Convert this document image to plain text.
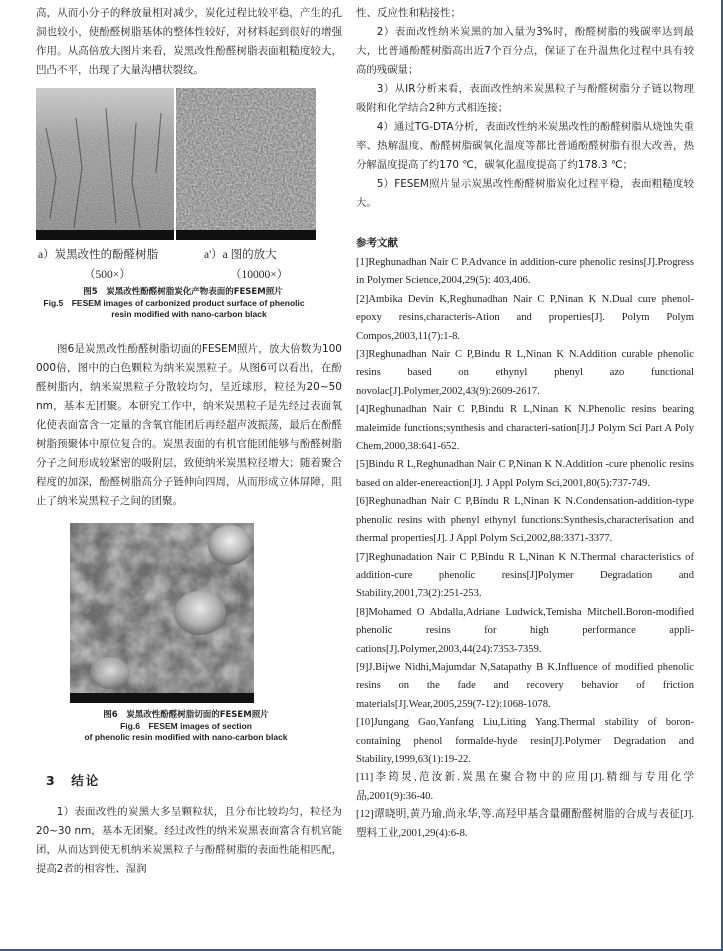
高，从而小分子的释放量相对减少，炭化过程比较平稳，产生的孔洞也较小，使酚醛树脂基体的整体性较好，对材料起到很好的增强作用。从高倍放大图片来看，炭黑改性酚醛树脂表面粗糙度较大，凹凸不平，出现了大量沟槽状裂纹。

a）炭黑改性的酚醛树脂	a'）a 图的放大
（500×）	（10000×）
图5　炭黑改性酚醛树脂炭化产物表面的FESEM照片
Fig.5　FESEM images of carbonized product surface of phenolic
resin modified with nano-carbon black

图6是炭黑改性酚醛树脂切面的FESEM照片，放大倍数为100 000倍，图中的白色颗粒为纳米炭黑粒子。从图6可以看出，在酚醛树脂内，纳米炭黑粒子分散较均匀，呈近球形，粒径为20~50 nm，基本无团聚。本研究工作中，纳米炭黑粒子是先经过表面氧化使表面富含一定量的含氧官能团后再经超声波振荡，最后在酚醛树脂预聚体中原位复合的。炭黑表面的有机官能团能够与酚醛树脂分子之间形成较紧密的吸附层，致使纳米炭黑粒径增大；随着聚合程度的加深，酚醛树脂高分子链伸向四周，从而形成立体屏障，阻止了纳米炭黑粒子之间的团聚。

图6　炭黑改性酚醛树脂切面的FESEM照片
Fig.6　FESEM images of section
of phenolic resin modified with nano-carbon black
3　结论

1）表面改性的炭黑大多呈颗粒状，且分布比较均匀，粒径为20~30 nm，基本无团聚。经过改性的纳米炭黑表面富含有机官能团，从而达到使无机纳米炭黑粒子与酚醛树脂的表面性能相匹配，提高2者的相容性、湿润

性、反应性和粘接性；

2）表面改性纳米炭黑的加入量为3%时，酚醛树脂的残碳率达到最大，比普通酚醛树脂高出近7个百分点，保证了在升温焦化过程中具有较高的残碳量；

3）从IR分析来看，表面改性纳米炭黑粒子与酚醛树脂分子链以物理吸附和化学结合2种方式相连接；

4）通过TG-DTA分析，表面改性纳米炭黑改性的酚醛树脂从烧蚀失重率、热解温度、酚醛树脂碳氧化温度等都比普通酚醛树脂有很大改善，热分解温度提高了约170 ℃，碳氧化温度提高了约178.3 ℃；

5）FESEM照片显示炭黑改性酚醛树脂炭化过程平稳，表面粗糙度较大。

参考文献

[1]Reghunadhan Nair C P.Advance in addition-cure phenolic resins[J].Progress in Polymer Science,2004,29(5): 403,406.

[2]Ambika Devin K,Reghunadhan Nair C P,Ninan K N.Dual cure phenol-epoxy resins,characteris-Ation and properties[J]. Polym Polym Compos,2003,11(7):1-8.

[3]Reghunadhan Nair C P,Bindu R L,Ninan K N.Addition curable phenolic resins based on ethynyl phenyl azo functional novolac[J].Polymer,2002,43(9):2609-2617.

[4]Reghunadhan Nair C P,Bindu R L,Ninan K N.Phenolic resins bearing maleimide functions;synthesis and characteri-sation[J].J Polym Sci Part A Poly Chem,2000,38:641-652.

[5]Bindu R L,Reghunadhan Nair C P,Ninan K N.Addition -cure phenolic resins based on alder-enereaction[J]. J Appl Polym Sci,2001,80(5):737-749.

[6]Reghunadhan Nair C P,Bindu R L,Ninan K N.Condensation-addition-type phenolic resins with phenyl ethynyl functions:Synthesis,characterisation and thermal properties[J]. J Appl Polym Sci,2002,88:3371-3377.

[7]Reghunadation Nair C P,Bindu R L,Ninan K N.Thermal characteristics of addition-cure phenolic resins[J]Polymer Degradation and Stability,2001,73(2):251-253.

[8]Mohamed O Abdalla,Adriane Ludwick,Temisha Mitchell.Boron-modified phenolic resins for high performance appli-cations[J].Polymer,2003,44(24):7353-7359.

[9]J.Bijwe Nidhi,Majumdar N,Satapathy B K.Influence of modified phenolic resins on the fade and recovery behavior of friction materials[J].Wear,2005,259(7-12):1068-1078.

[10]Jungang Gao,Yanfang Liu,Liting Yang.Thermal stability of boron-containing phenol formalde-hyde resin[J].Polymer Degradation and Stability,1999,63(1):19-22.

[11]李筠炅,范汝新.炭黑在聚合物中的应用[J].精细与专用化学品,2001(9):36-40.

[12]谭晓明,黄乃瑜,尚永华,等.高羟甲基含量硼酚醛树脂的合成与表征[J].塑料工业,2001,29(4):6-8.
